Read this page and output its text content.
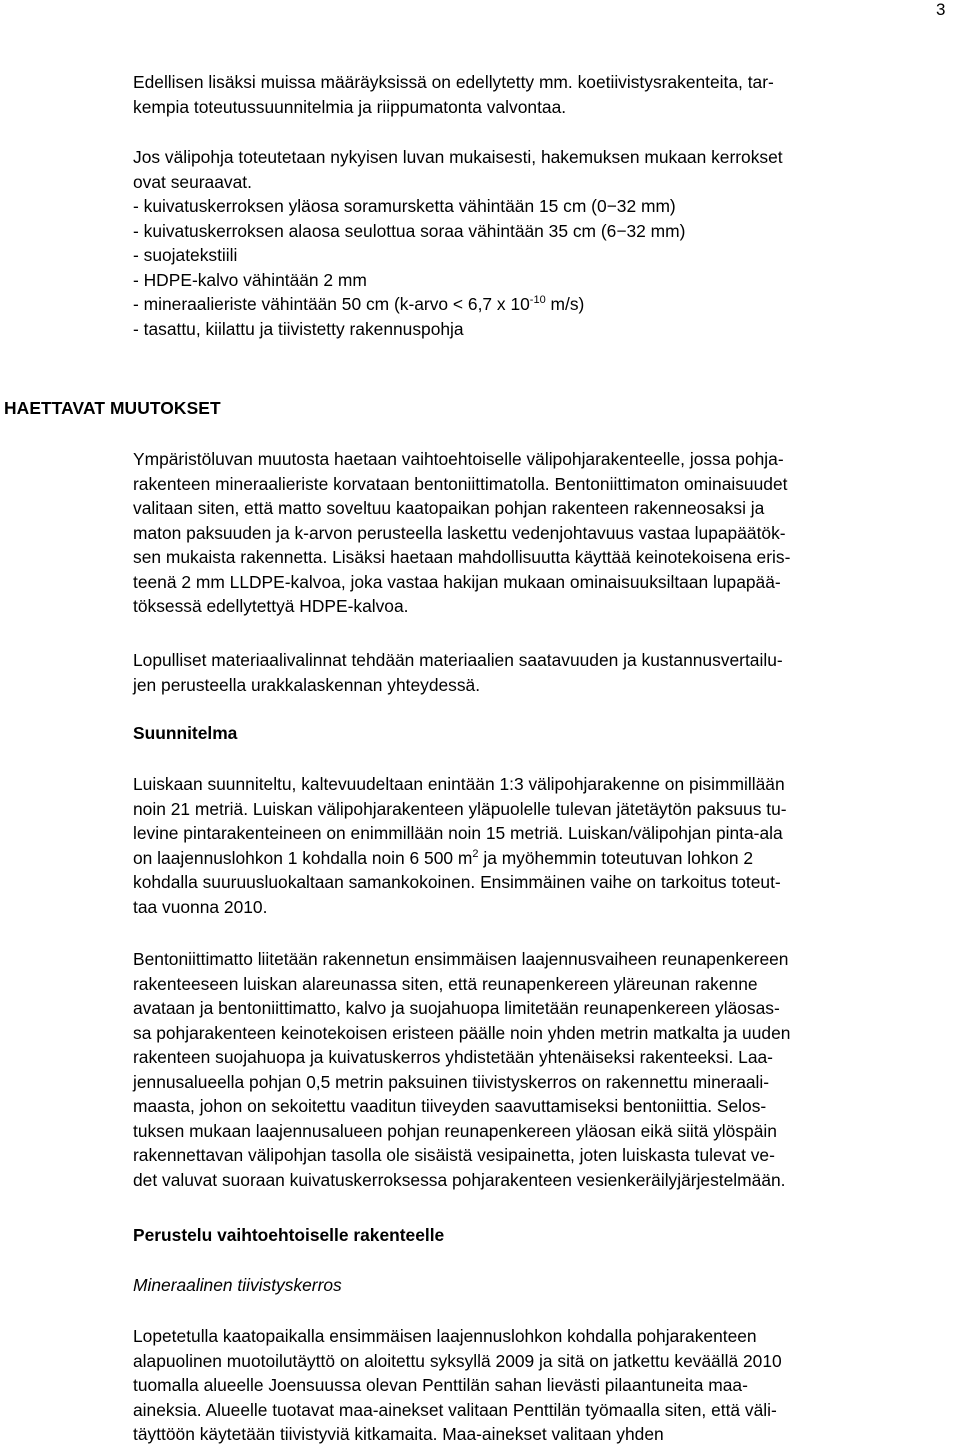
3
Edellisen lisäksi muissa määräyksissä on edellytetty mm. koetiivistysrakenteita, tar-
kempia toteutussuunnitelmia ja riippumatonta valvontaa.
Jos välipohja toteutetaan nykyisen luvan mukaisesti, hakemuksen mukaan kerrokset
ovat seuraavat.
- kuivatuskerroksen yläosa soramursketta vähintään 15 cm (0−32 mm)
- kuivatuskerroksen alaosa seulottua soraa vähintään 35 cm (6−32 mm)
- suojatekstiili
- HDPE-kalvo vähintään 2 mm
- mineraalieriste vähintään 50 cm (k-arvo < 6,7 x $10^{-10}$ m/s)
- tasattu, kiilattu ja tiivistetty rakennuspohja
HAETTAVAT MUUTOKSET
Ympäristöluvan muutosta haetaan vaihtoehtoiselle välipohjarakenteelle, jossa pohja-
rakenteen mineraalieriste korvataan bentoniittimatolla. Bentoniittimaton ominaisuudet
valitaan siten, että matto soveltuu kaatopaikan pohjan rakenteen rakenneosaksi ja
maton paksuuden ja k-arvon perusteella laskettu vedenjohtavuus vastaa lupapäätök-
sen mukaista rakennetta. Lisäksi haetaan mahdollisuutta käyttää keinotekoisena eris-
teenä 2 mm LLDPE-kalvoa, joka vastaa hakijan mukaan ominaisuuksiltaan lupapää-
töksessä edellytettyä HDPE-kalvoa.
Lopulliset materiaalivalinnat tehdään materiaalien saatavuuden ja kustannusvertailu-
jen perusteella urakkalaskennan yhteydessä.
Suunnitelma
Luiskaan suunniteltu, kaltevuudeltaan enintään 1:3 välipohjarakenne on pisimmillään
noin 21 metriä. Luiskan välipohjarakenteen yläpuolelle tulevan jätetäytön paksuus tu-
levine pintarakenteineen on enimmillään noin 15 metriä. Luiskan/välipohjan pinta-ala
on laajennuslohkon 1 kohdalla noin 6 500 $m^2$ ja myöhemmin toteutuvan lohkon 2
kohdalla suuruusluokaltaan samankokoinen. Ensimmäinen vaihe on tarkoitus toteut-
taa vuonna 2010.
Bentoniittimatto liitetään rakennetun ensimmäisen laajennusvaiheen reunapenkereen
rakenteeseen luiskan alareunassa siten, että reunapenkereen yläreunan rakenne
avataan ja bentoniittimatto, kalvo ja suojahuopa limitetään reunapenkereen yläosas-
sa pohjarakenteen keinotekoisen eristeen päälle noin yhden metrin matkalta ja uuden
rakenteen suojahuopa ja kuivatuskerros yhdistetään yhtenäiseksi rakenteeksi. Laa-
jennusalueella pohjan 0,5 metrin paksuinen tiivistyskerros on rakennettu mineraali-
maasta, johon on sekoitettu vaaditun tiiveyden saavuttamiseksi bentoniittia. Selos-
tuksen mukaan laajennusalueen pohjan reunapenkereen yläosan eikä siitä ylöspäin
rakennettavan välipohjan tasolla ole sisäistä vesipainetta, joten luiskasta tulevat ve-
det valuvat suoraan kuivatuskerroksessa pohjarakenteen vesienkeräilyjärjestelmään.
Perustelu vaihtoehtoiselle rakenteelle
Mineraalinen tiivistyskerros
Lopetetulla kaatopaikalla ensimmäisen laajennuslohkon kohdalla pohjarakenteen
alapuolinen muotoilutäyttö on aloitettu syksyllä 2009 ja sitä on jatkettu keväällä 2010
tuomalla alueelle Joensuussa olevan Penttilän sahan lievästi pilaantuneita maa-
aineksia. Alueelle tuotavat maa-ainekset valitaan Penttilän työmaalla siten, että väli-
täyttöön käytetään tiivistyviä kitkamaita. Maa-ainekset valitaan yhden
